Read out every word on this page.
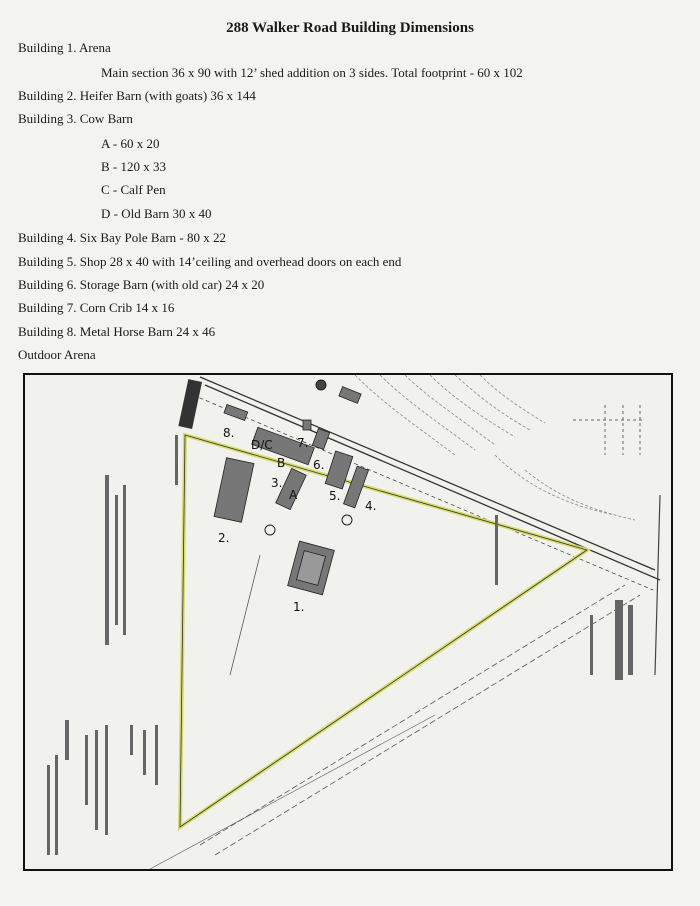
288 Walker Road Building Dimensions
Building 1. Arena
Main section 36 x 90 with 12’ shed addition on 3 sides. Total footprint - 60 x 102
Building 2. Heifer Barn (with goats) 36 x 144
Building 3. Cow Barn
A - 60 x 20
B - 120 x 33
C - Calf Pen
D - Old Barn 30 x 40
Building 4. Six Bay Pole Barn - 80 x 22
Building 5. Shop 28 x 40 with 14’ceiling and overhead doors on each end
Building 6. Storage Barn (with old car) 24 x 20
Building 7. Corn Crib 14 x 16
Building 8. Metal Horse Barn 24 x 46
Outdoor Arena
1.
2.
3.
4.
5.
6.
7.
8.
A
B
D/C
